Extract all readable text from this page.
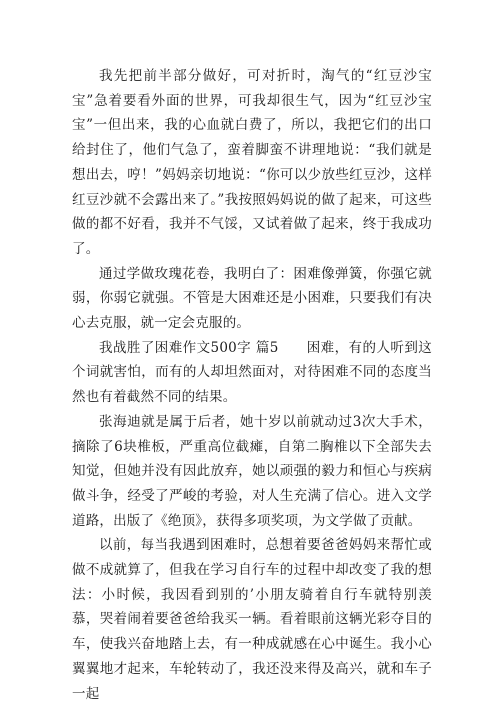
我先把前半部分做好，可对折时，淘气的“红豆沙宝宝”急着要看外面的世界，可我却很生气，因为“红豆沙宝宝”一但出来，我的心血就白费了，所以，我把它们的出口给封住了，他们气急了，蛮着脚蛮不讲理地说：“我们就是想出去，哼！”妈妈亲切地说：“你可以少放些红豆沙，这样红豆沙就不会露出来了。”我按照妈妈说的做了起来，可这些做的都不好看，我并不气馁，又试着做了起来，终于我成功了。

通过学做玫瑰花卷，我明白了：困难像弹簧，你强它就弱，你弱它就强。不管是大困难还是小困难，只要我们有决心去克服，就一定会克服的。

我战胜了困难作文500字 篇5　　困难，有的人听到这个词就害怕，而有的人却坦然面对，对待困难不同的态度当然也有着截然不同的结果。

张海迪就是属于后者，她十岁以前就动过3次大手术，摘除了6块椎板，严重高位截瘫，自第二胸椎以下全部失去知觉，但她并没有因此放弃，她以顽强的毅力和恒心与疾病做斗争，经受了严峻的考验，对人生充满了信心。进入文学道路，出版了《绝顶》，获得多项奖项，为文学做了贡献。

以前，每当我遇到困难时，总想着要爸爸妈妈来帮忙或做不成就算了，但我在学习自行车的过程中却改变了我的想法：小时候，我因看到别的’小朋友骑着自行车就特别羡慕，哭着闹着要爸爸给我买一辆。看着眼前这辆光彩夺目的车，使我兴奋地踏上去，有一种成就感在心中诞生。我小心翼翼地才起来，车轮转动了，我还没来得及高兴，就和车子一起
